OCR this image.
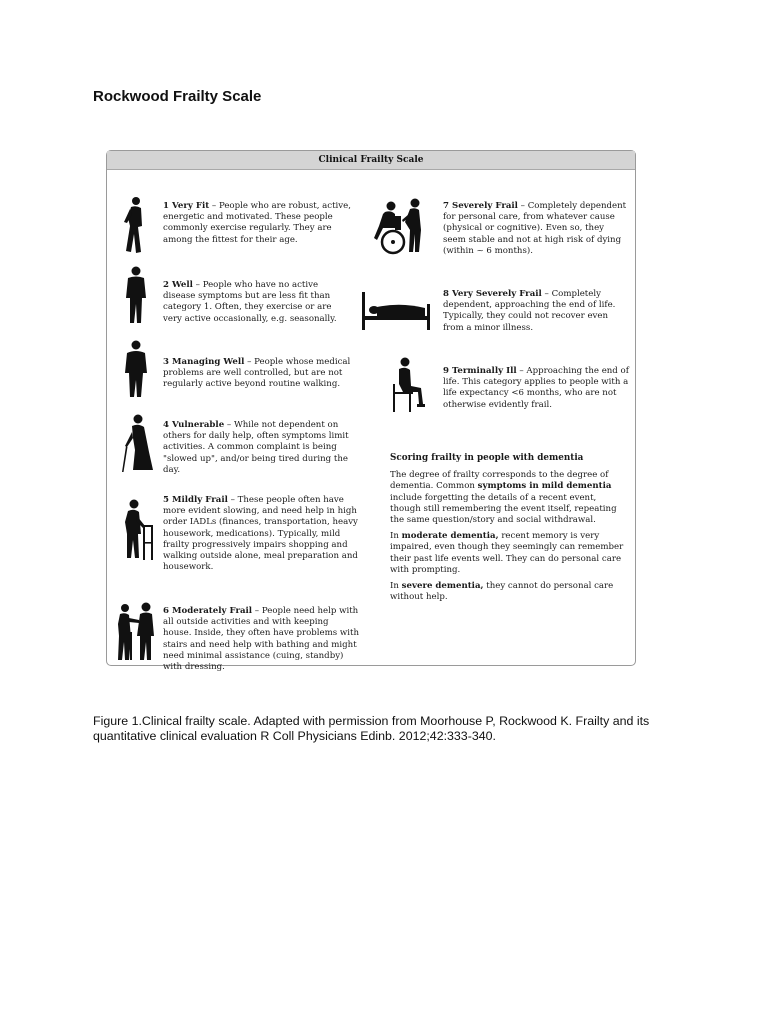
Rockwood Frailty Scale
Clinical Frailty Scale
1 Very Fit – People who are robust, active, energetic and motivated. These people commonly exercise regularly. They are among the fittest for their age.
2 Well – People who have no active disease symptoms but are less fit than category 1. Often, they exercise or are very active occasionally, e.g. seasonally.
3 Managing Well – People whose medical problems are well controlled, but are not regularly active beyond routine walking.
4 Vulnerable – While not dependent on others for daily help, often symptoms limit activities. A common complaint is being "slowed up", and/or being tired during the day.
5 Mildly Frail – These people often have more evident slowing, and need help in high order IADLs (finances, transportation, heavy housework, medications). Typically, mild frailty progressively impairs shopping and walking outside alone, meal preparation and housework.
6 Moderately Frail – People need help with all outside activities and with keeping house. Inside, they often have problems with stairs and need help with bathing and might need minimal assistance (cuing, standby) with dressing.
7 Severely Frail – Completely dependent for personal care, from whatever cause (physical or cognitive). Even so, they seem stable and not at high risk of dying (within ~ 6 months).
8 Very Severely Frail – Completely dependent, approaching the end of life. Typically, they could not recover even from a minor illness.
9 Terminally Ill – Approaching the end of life. This category applies to people with a life expectancy <6 months, who are not otherwise evidently frail.
Scoring frailty in people with dementia

The degree of frailty corresponds to the degree of dementia. Common symptoms in mild dementia include forgetting the details of a recent event, though still remembering the event itself, repeating the same question/story and social withdrawal.

In moderate dementia, recent memory is very impaired, even though they seemingly can remember their past life events well. They can do personal care with prompting.

In severe dementia, they cannot do personal care without help.

Figure 1.Clinical frailty scale. Adapted with permission from Moorhouse P, Rockwood K. Frailty and its quantitative clinical evaluation R Coll Physicians Edinb. 2012;42:333-340.
